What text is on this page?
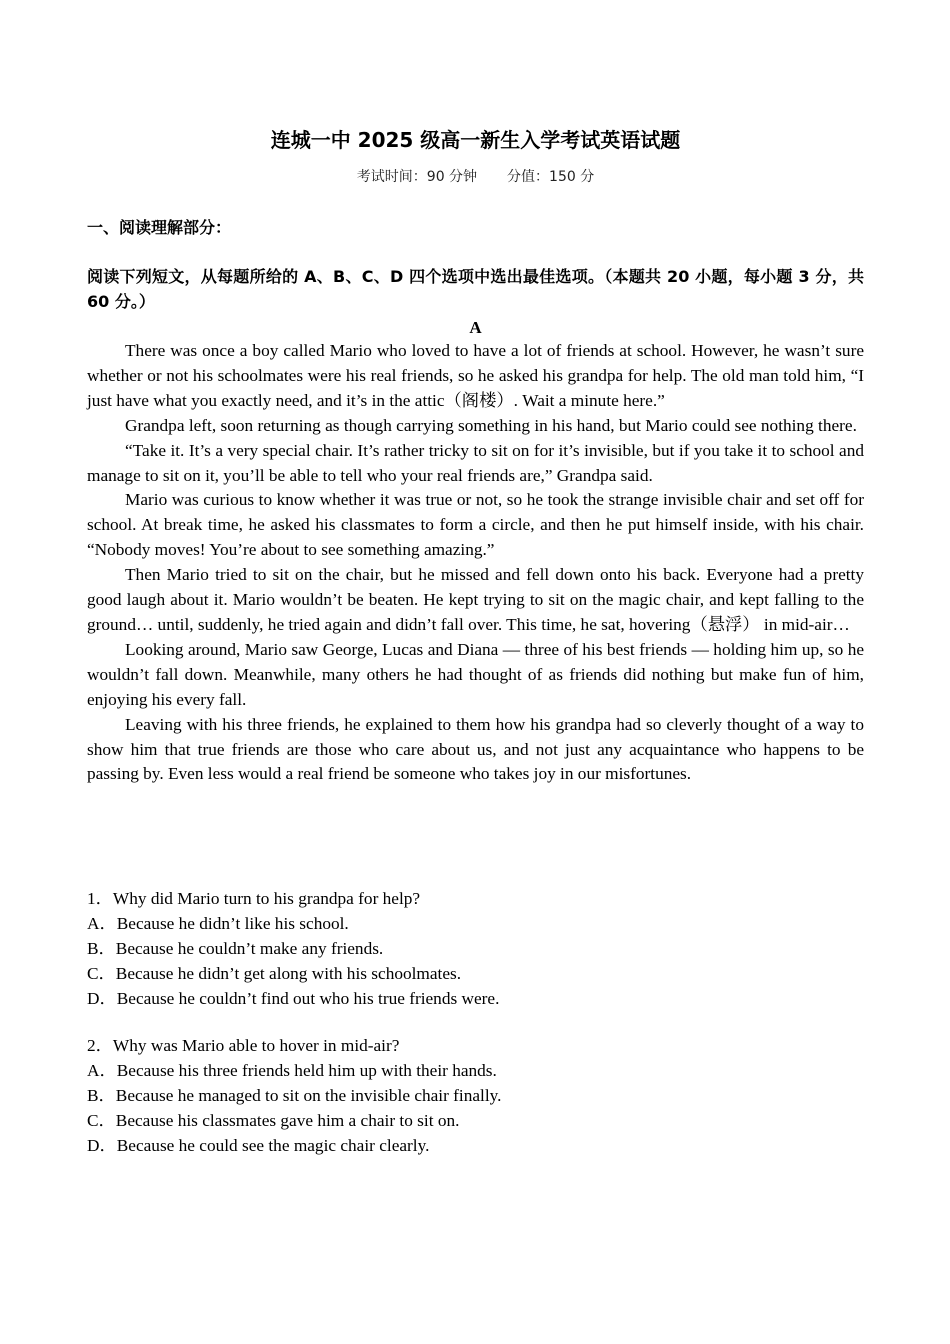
连城一中 2025 级高一新生入学考试英语试题
考试时间：90 分钟 分值：150 分
一、阅读理解部分：
阅读下列短文，从每题所给的 A、B、C、D 四个选项中选出最佳选项。（本题共 20 小题，每小题 3 分，共 60 分。）
A

There was once a boy called Mario who loved to have a lot of friends at school. However, he wasn’t sure whether or not his schoolmates were his real friends, so he asked his grandpa for help. The old man told him, “I just have what you exactly need, and it’s in the attic（阁楼）. Wait a minute here.”

Grandpa left, soon returning as though carrying something in his hand, but Mario could see nothing there.

“Take it. It’s a very special chair. It’s rather tricky to sit on for it’s invisible, but if you take it to school and manage to sit on it, you’ll be able to tell who your real friends are,” Grandpa said.

Mario was curious to know whether it was true or not, so he took the strange invisible chair and set off for school. At break time, he asked his classmates to form a circle, and then he put himself inside, with his chair. “Nobody moves! You’re about to see something amazing.”

Then Mario tried to sit on the chair, but he missed and fell down onto his back. Everyone had a pretty good laugh about it. Mario wouldn’t be beaten. He kept trying to sit on the magic chair, and kept falling to the ground… until, suddenly, he tried again and didn’t fall over. This time, he sat, hovering（悬浮） in mid-air…

Looking around, Mario saw George, Lucas and Diana — three of his best friends — holding him up, so he wouldn’t fall down. Meanwhile, many others he had thought of as friends did nothing but make fun of him, enjoying his every fall.

Leaving with his three friends, he explained to them how his grandpa had so cleverly thought of a way to show him that true friends are those who care about us, and not just any acquaintance who happens to be passing by. Even less would a real friend be someone who takes joy in our misfortunes.

1．Why did Mario turn to his grandpa for help?

A．Because he didn’t like his school.

B．Because he couldn’t make any friends.

C．Because he didn’t get along with his schoolmates.

D．Because he couldn’t find out who his true friends were.

2．Why was Mario able to hover in mid-air?

A．Because his three friends held him up with their hands.

B．Because he managed to sit on the invisible chair finally.

C．Because his classmates gave him a chair to sit on.

D．Because he could see the magic chair clearly.
